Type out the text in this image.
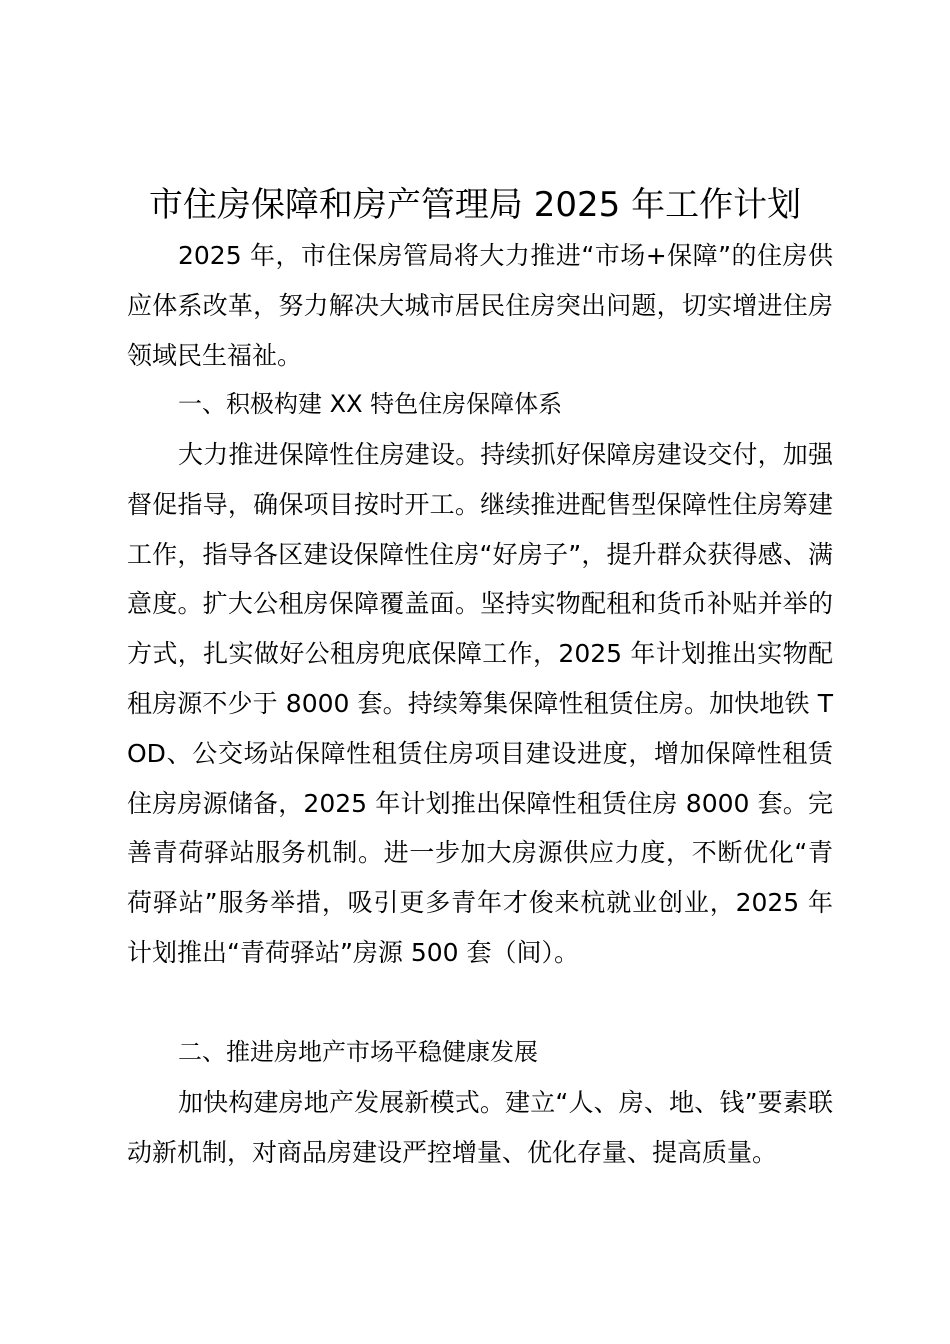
市住房保障和房产管理局 2025 年工作计划

2025 年，市住保房管局将大力推进“市场+保障”的住房供应体系改革，努力解决大城市居民住房突出问题，切实增进住房领域民生福祉。

一、积极构建 XX 特色住房保障体系

大力推进保障性住房建设。持续抓好保障房建设交付，加强督促指导，确保项目按时开工。继续推进配售型保障性住房筹建工作，指导各区建设保障性住房“好房子”，提升群众获得感、满意度。扩大公租房保障覆盖面。坚持实物配租和货币补贴并举的方式，扎实做好公租房兜底保障工作，2025 年计划推出实物配租房源不少于 8000 套。持续筹集保障性租赁住房。加快地铁 TOD、公交场站保障性租赁住房项目建设进度，增加保障性租赁住房房源储备，2025 年计划推出保障性租赁住房 8000 套。完善青荷驿站服务机制。进一步加大房源供应力度，不断优化“青荷驿站”服务举措，吸引更多青年才俊来杭就业创业，2025 年计划推出“青荷驿站”房源 500 套（间）。

二、推进房地产市场平稳健康发展

加快构建房地产发展新模式。建立“人、房、地、钱”要素联动新机制，对商品房建设严控增量、优化存量、提高质量。
